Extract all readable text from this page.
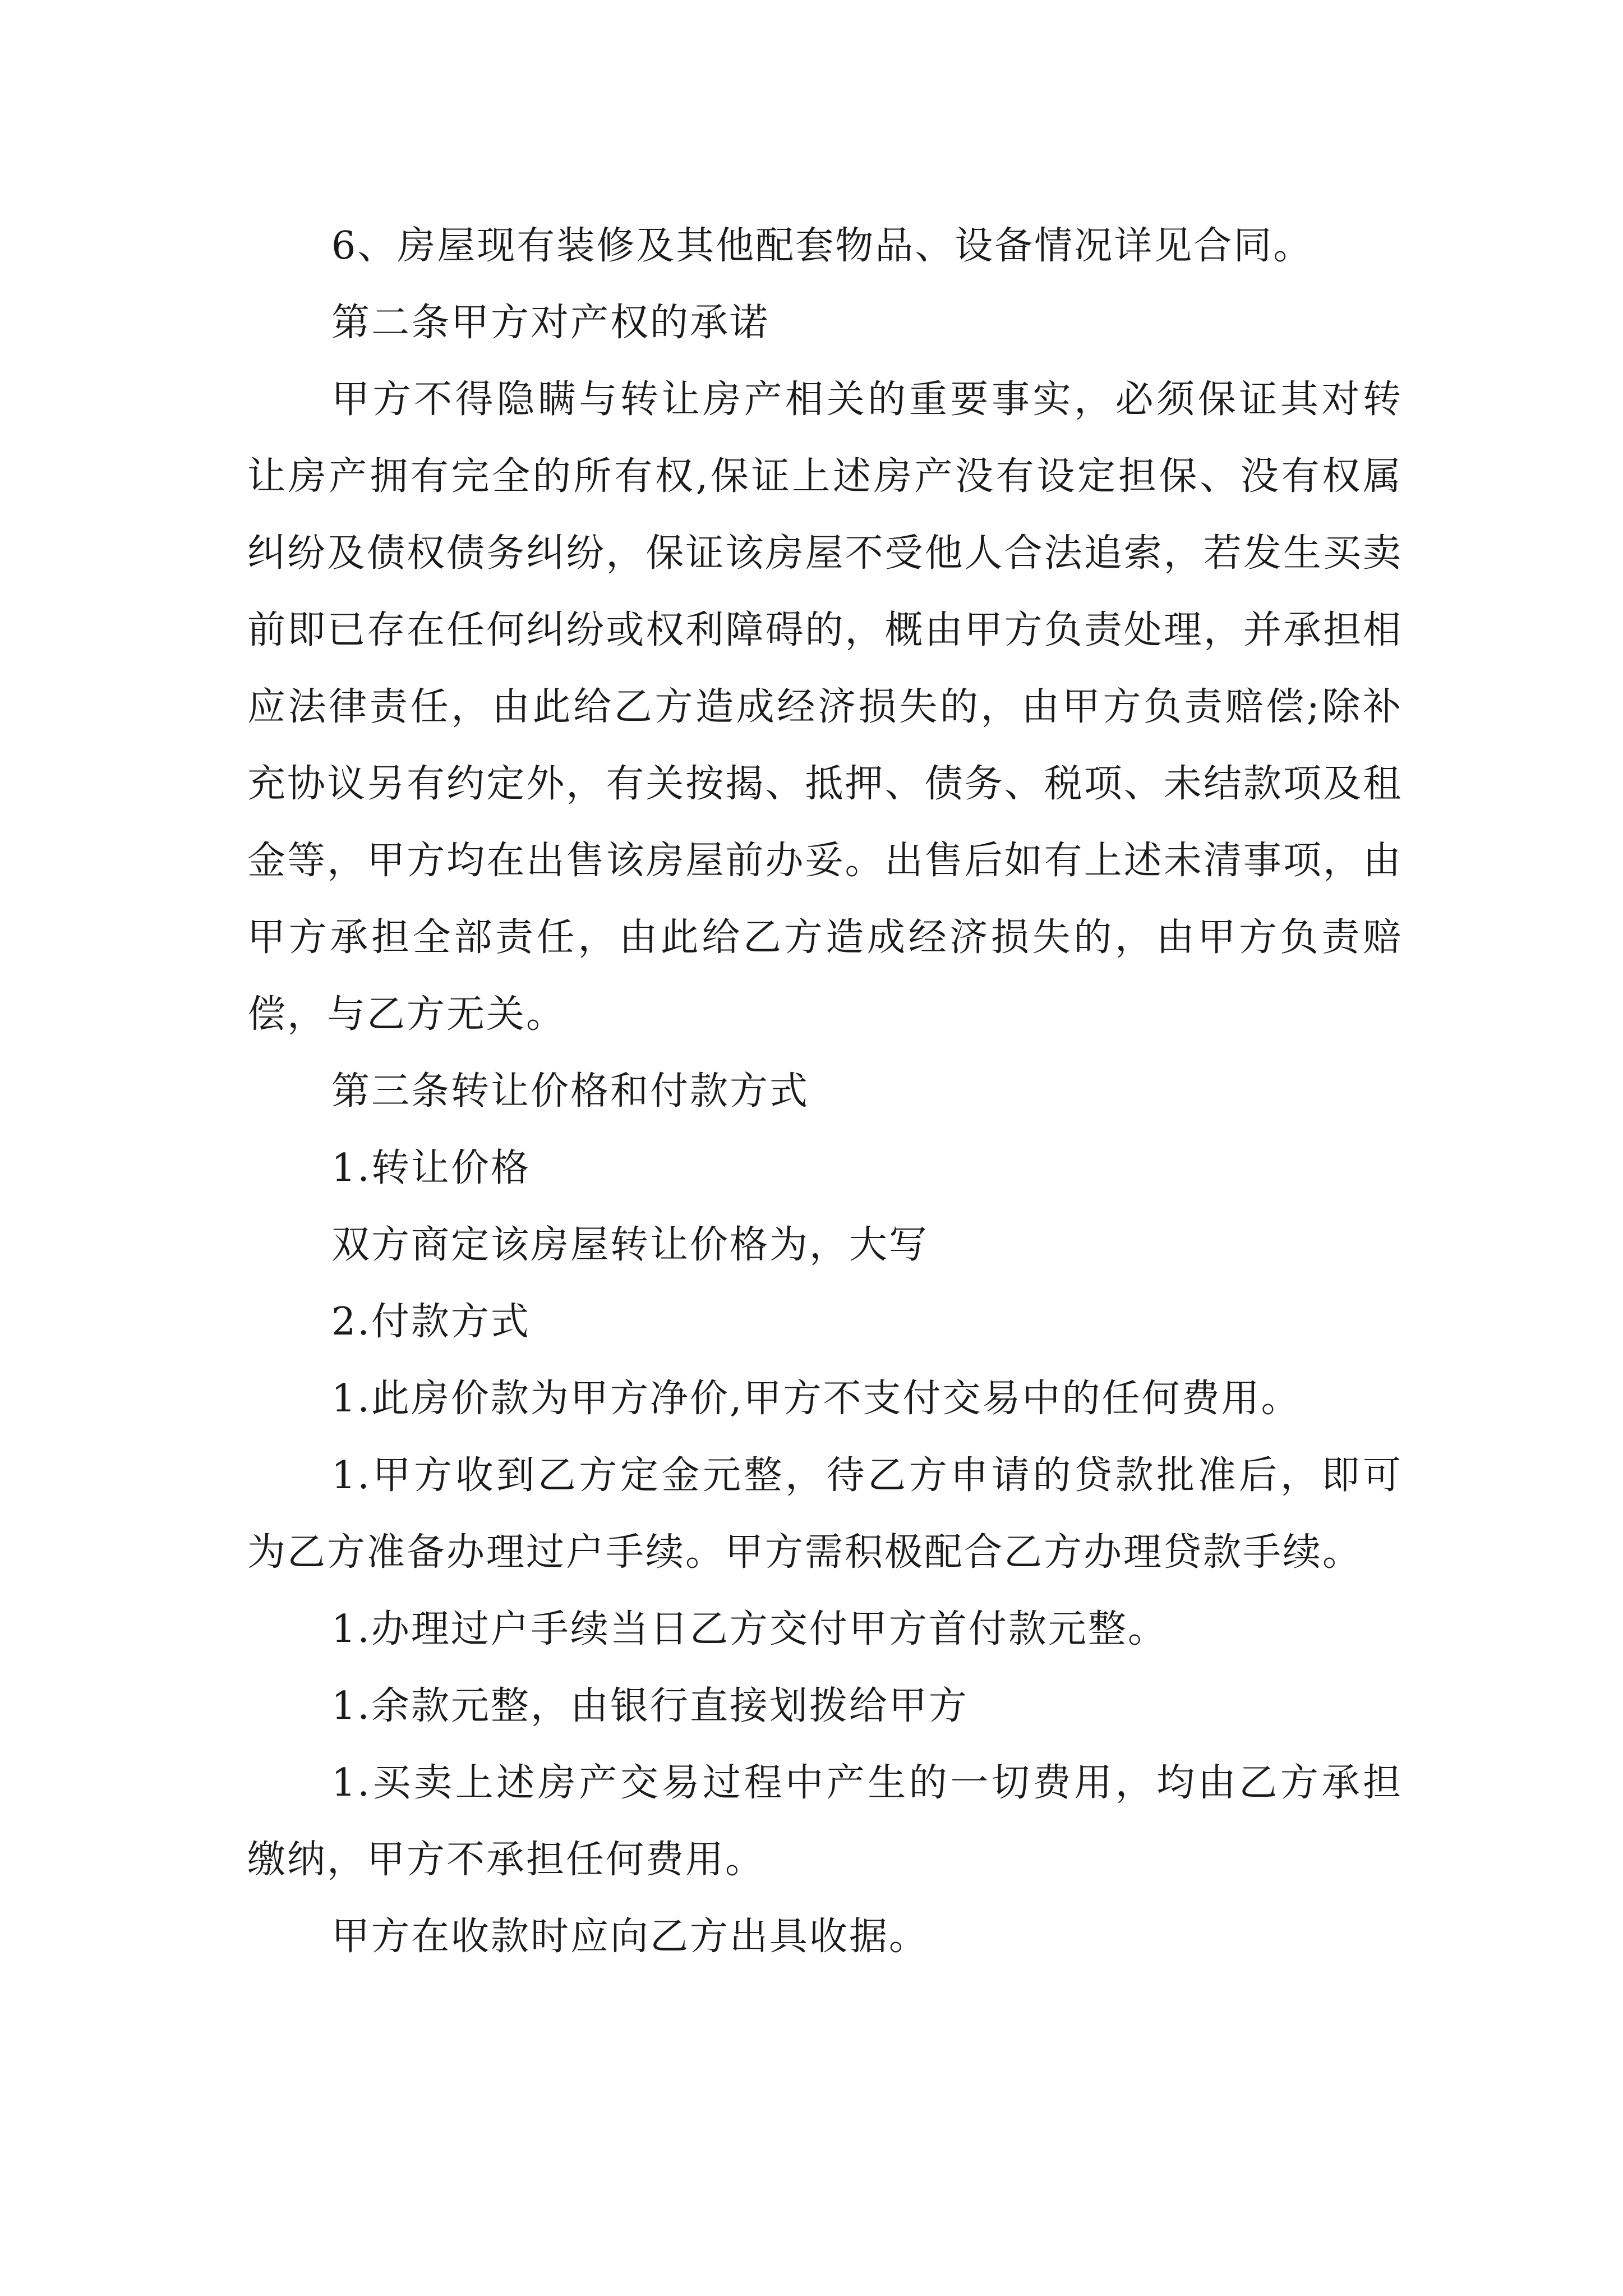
6、房屋现有装修及其他配套物品、设备情况详见合同。

第二条甲方对产权的承诺

甲方不得隐瞒与转让房产相关的重要事实，必须保证其对转让房产拥有完全的所有权,保证上述房产没有设定担保、没有权属纠纷及债权债务纠纷，保证该房屋不受他人合法追索，若发生买卖前即已存在任何纠纷或权利障碍的，概由甲方负责处理，并承担相应法律责任，由此给乙方造成经济损失的，由甲方负责赔偿;除补充协议另有约定外，有关按揭、抵押、债务、税项、未结款项及租金等，甲方均在出售该房屋前办妥。出售后如有上述未清事项，由甲方承担全部责任，由此给乙方造成经济损失的，由甲方负责赔偿，与乙方无关。

第三条转让价格和付款方式

1.转让价格

双方商定该房屋转让价格为，大写

2.付款方式

1.此房价款为甲方净价,甲方不支付交易中的任何费用。

1.甲方收到乙方定金元整，待乙方申请的贷款批准后，即可为乙方准备办理过户手续。甲方需积极配合乙方办理贷款手续。

1.办理过户手续当日乙方交付甲方首付款元整。

1.余款元整，由银行直接划拨给甲方

1.买卖上述房产交易过程中产生的一切费用，均由乙方承担缴纳，甲方不承担任何费用。

甲方在收款时应向乙方出具收据。
